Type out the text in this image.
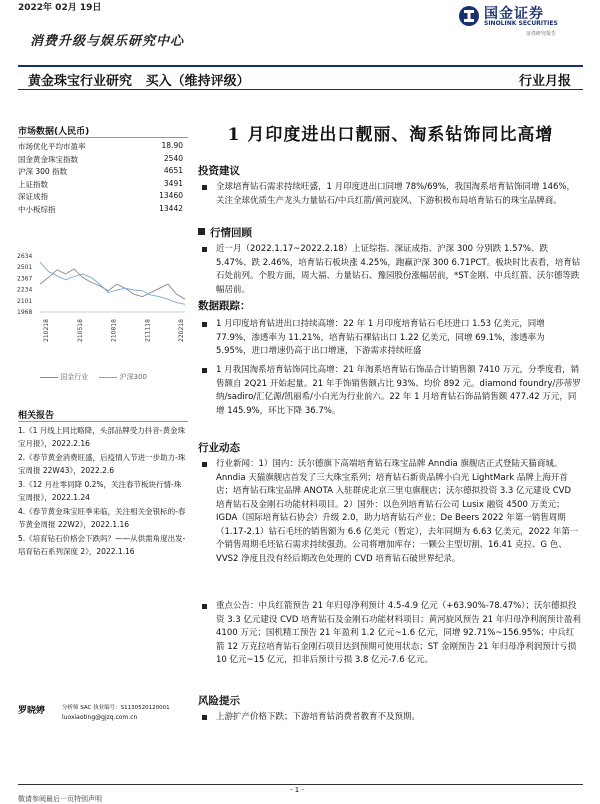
2022年 02月 19日	国金证券
SINOLINK SECURITIES
证券研究报告
消费升级与娱乐研究中心
黄金珠宝行业研究 买入（维持评级）	行业月报
市场数据(人民币)
市场优化平均市盈率	18.90
国金黄金珠宝指数	2540
沪深 300 指数	4651
上证指数	3491
深证成指	13460
中小板综指	13442
2634
2501
2367
2234
2101
1968
210218	210518	210818	211118	220218
国金行业	沪深300
相关报告
1.《1 月线上同比略降，头部品牌受力抖音-黄金珠宝月报》，2022.2.16
2.《春节黄金消费旺盛，后疫情入节进一步助力-珠宝周报 22W43》，2022.2.6
3.《12 月社零同降 0.2%，关注春节板块行情-珠宝周报》，2022.1.24
4.《春节黄金珠宝旺季来临，关注相关金银标的-春节黄金周报 22W2》，2022.1.16
5.《培育钻石价格会下跌吗？——从供需角度出发-培育钻石系列深度 2》，2022.1.16
罗晓婷	分析师 SAC 执业编号：S1130520120001
luoxiaoting@gjzq.com.cn
1 月印度进出口靓丽、淘系钻饰同比高增
投资建议
全球培育钻石需求持续旺盛，1 月印度进出口同增 78%/69%，我国淘系培育钻饰同增 146%，关注全球优质生产龙头力量钻石/中兵红箭/黄河旋风、下游积极布局培育钻石的珠宝品牌商。
行情回顾
近一月（2022.1.17~2022.2.18）上证综指、深证成指、沪深 300 分别跌 1.57%、跌 5.47%、跌 2.46%，培育钻石板块涨 4.25%，跑赢沪深 300 6.71PCT。板块时比表看，培育钻石处前列。个股方面，周大福、力量钻石、豫园股份涨幅居前，*ST金刚、中兵红箭、沃尔德等跌幅居前。
数据跟踪：
1 月印度培育钻进出口持续高增：22 年 1 月印度培育钻石毛坯进口 1.53 亿美元，同增 77.9%，渗透率为 11.21%，培育钻石裸钻出口 1.22 亿美元，同增 69.1%，渗透率为 5.95%，进口增速仍高于出口增速，下游需求持续旺盛
1 月我国淘系培育钻饰同比高增：21 年淘系培育钻石饰品合计销售额 7410 万元，分季度看，销售额自 2Q21 开始起量。21 年手饰销售额占比 93%、均价 892 元。diamond foundry/莎蒂罗纳/sadiro/汇亿源/凯丽希/小白光为行业前六。22 年 1 月培育钻石饰品销售额 477.42 万元，同增 145.9%，环比下降 36.7%。
行业动态
行业新闻：1）国内：沃尔德旗下高端培育钻石珠宝品牌 Anndia 旗舰店正式登陆天猫商城。Anndia 天猫旗舰店首发了三大珠宝系列；培育钻石新贵品牌小白光 LightMark 品牌上海开首店；培育钻石珠宝品牌 ANOTA 入驻群虎北京三里屯旗舰店；沃尔德拟投资 3.3 亿元建设 CVD 培育钻石及金刚石功能材料项目。2）国外：以色列培育钻石公司 Lusix 融资 4500 万美元；IGDA（国际培育钻石协会）升级 2.0，助力培育钻石产业；De Beers 2022 年第一销售周期（1.17-2.1）钻石毛坯的销售额为 6.6 亿美元（暂定），去年同期为 6.63 亿美元，2022 年第一个销售周期毛坯钻石需求持续强劲。公司将增加库存；一颗公主型切割、16.41 克拉、G 色、VVS2 净度且没有经后期改色处理的 CVD 培育钻石破世界纪录。
重点公告：中兵红箭预告 21 年归母净利预计 4.5-4.9 亿元（+63.90%-78.47%）；沃尔德拟投资 3.3 亿元建设 CVD 培育钻石及金刚石功能材料项目；黄河旋风预告 21 年归母净利润预计盈利 4100 万元；国机精工预告 21 年盈利 1.2 亿元~1.6 亿元，同增 92.71%~156.95%；中兵红箭 12 万克拉培育钻石金刚石项目达到预期可使用状态；ST 金刚预告 21 年归母净利润预计亏损 10 亿元~15 亿元，扣非后预计亏损 3.8 亿元-7.6 亿元。
风险提示
上游扩产价格下跌；下游培育钻消费者教育不及预期。
- 1 -
敬请参阅最后一页特别声明
